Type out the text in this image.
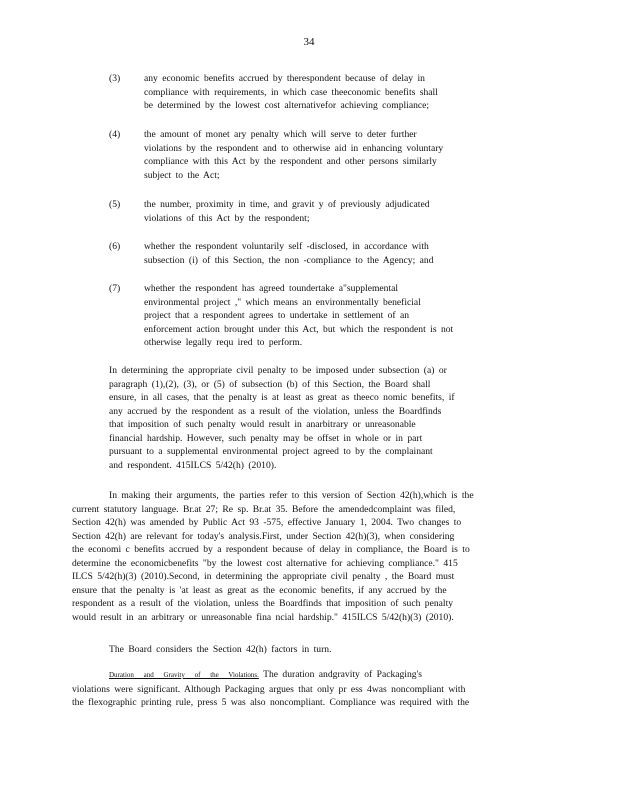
34
(3)	any economic benefits accrued by therespondent because of delay in
compliance with requirements, in which case theeconomic benefits shall
be determined by the lowest cost alternativefor achieving compliance;
(4)	the amount of monet ary penalty which will serve to deter further
violations by the respondent and to otherwise aid in enhancing voluntary
compliance with this Act by the respondent and other persons similarly
subject to the Act;
(5)	the number, proximity in time, and gravit y of previously adjudicated
violations of this Act by the respondent;
(6)	whether the respondent voluntarily self -disclosed, in accordance with
subsection (i) of this Section, the non -compliance to the Agency; and
(7)	whether the respondent has agreed toundertake a"supplemental
environmental project ," which means an environmentally beneficial
project that a respondent agrees to undertake in settlement of an
enforcement action brought under this Act, but which the respondent is not
otherwise legally requ ired to perform.
In determining the appropriate civil penalty to be imposed under subsection (a) or
paragraph (1),(2), (3), or (5) of subsection (b) of this Section, the Board shall
ensure, in all cases, that the penalty is at least as great as theeco nomic benefits, if
any accrued by the respondent as a result of the violation, unless the Boardfinds
that imposition of such penalty would result in anarbitrary or unreasonable
financial hardship. However, such penalty may be offset in whole or in part
pursuant to a supplemental environmental project agreed to by the complainant
and respondent. 415ILCS 5/42(h) (2010).
In making their arguments, the parties refer to this version of Section 42(h),which is the
current statutory language. Br.at 27; Re sp. Br.at 35. Before the amendedcomplaint was filed,
Section 42(h) was amended by Public Act 93 -575, effective January 1, 2004. Two changes to
Section 42(h) are relevant for today's analysis.First, under Section 42(h)(3), when considering
the economi c benefits accrued by a respondent because of delay in compliance, the Board is to
determine the economicbenefits "by the lowest cost alternative for achieving compliance." 415
ILCS 5/42(h)(3) (2010).Second, in determining the appropriate civil penalty , the Board must
ensure that the penalty is 'at least as great as the economic benefits, if any accrued by the
respondent as a result of the violation, unless the Boardfinds that imposition of such penalty
would result in an arbitrary or unreasonable fina ncial hardship." 415ILCS 5/42(h)(3) (2010).
The Board considers the Section 42(h) factors in turn.
Duration and Gravity of the Violations. The duration andgravity of Packaging's
violations were significant. Although Packaging argues that only pr ess 4was noncompliant with
the flexographic printing rule, press 5 was also noncompliant. Compliance was required with the
